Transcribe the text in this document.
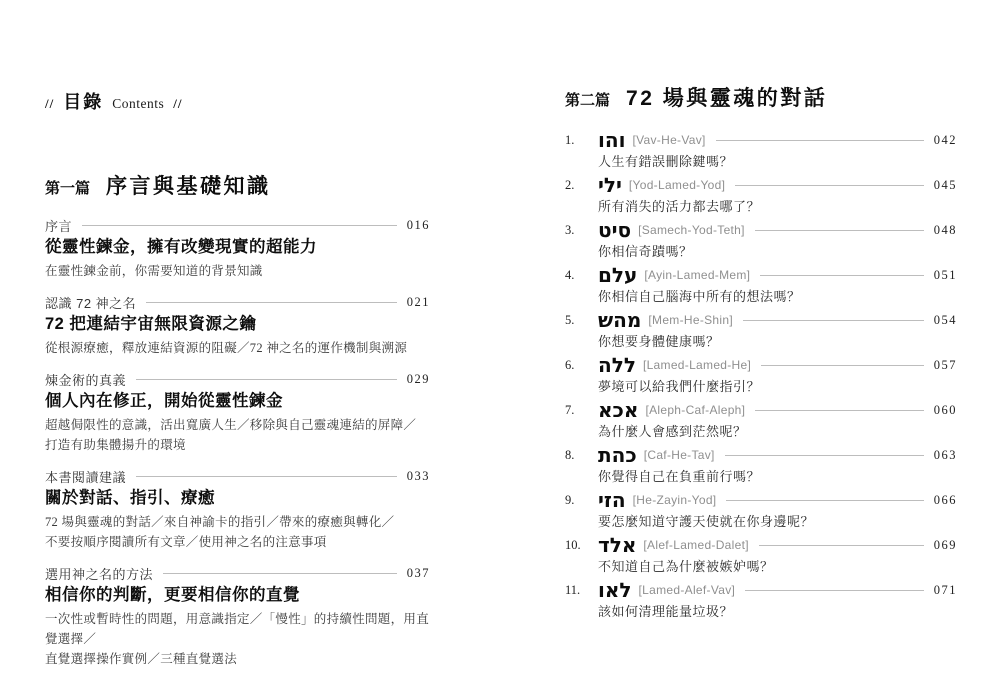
// 目錄 Contents //
第一篇 序言與基礎知識
序言	016
從靈性鍊金，擁有改變現實的超能力
在靈性鍊金前，你需要知道的背景知識
認識 72 神之名	021
72 把連結宇宙無限資源之鑰
從根源療癒，釋放連結資源的阻礙／72 神之名的運作機制與溯源
煉金術的真義	029
個人內在修正，開始從靈性鍊金
超越侷限性的意識，活出寬廣人生／移除與自己靈魂連結的屏障／
打造有助集體揚升的環境
本書閱讀建議	033
關於對話、指引、療癒
72 場與靈魂的對話／來自神諭卡的指引／帶來的療癒與轉化／
不要按順序閱讀所有文章／使用神之名的注意事項
選用神之名的方法	037
相信你的判斷，更要相信你的直覺
一次性或暫時性的問題，用意識指定／「慢性」的持續性問題，用直覺選擇／
直覺選擇操作實例／三種直覺選法
第二篇 72 場與靈魂的對話
1.	והו [Vav-He-Vav]	042
人生有錯誤刪除鍵嗎？
2.	ילי [Yod-Lamed-Yod]	045
所有消失的活力都去哪了？
3.	סיט [Samech-Yod-Teth]	048
你相信奇蹟嗎？
4.	עלם [Ayin-Lamed-Mem]	051
你相信自己腦海中所有的想法嗎？
5.	מהש [Mem-He-Shin]	054
你想要身體健康嗎？
6.	ללה [Lamed-Lamed-He]	057
夢境可以給我們什麼指引？
7.	אכא [Aleph-Caf-Aleph]	060
為什麼人會感到茫然呢？
8.	כהת [Caf-He-Tav]	063
你覺得自己在負重前行嗎？
9.	הזי [He-Zayin-Yod]	066
要怎麼知道守護天使就在你身邊呢？
10. אלד [Alef-Lamed-Dalet]	069
不知道自己為什麼被嫉妒嗎？
11. לאו [Lamed-Alef-Vav]	071
該如何清理能量垃圾？
